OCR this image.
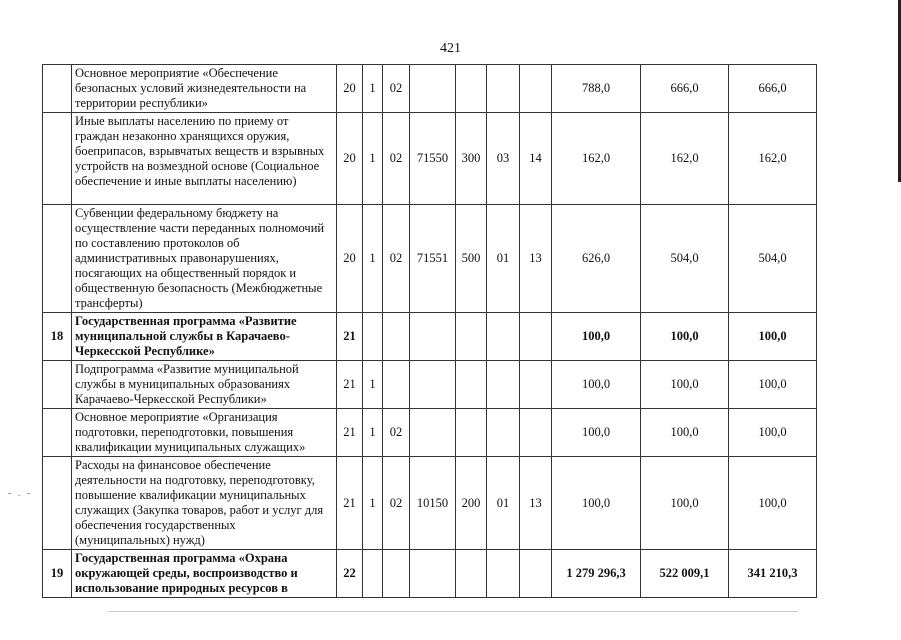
421
- . -
	Основное мероприятие «Обеспечение безопасных условий жизнедеятельности на территории республики»	20	1	02					788,0	666,0	666,0
	Иные выплаты населению по приему от граждан незаконно хранящихся оружия, боеприпасов, взрывчатых веществ и взрывных устройств на возмездной основе (Социальное обеспечение и иные выплаты населению)	20	1	02	71550	300	03	14	162,0	162,0	162,0
	Субвенции федеральному бюджету на осуществление части переданных полномочий по составлению протоколов об административных правонарушениях, посягающих на общественный порядок и общественную безопасность (Межбюджетные трансферты)	20	1	02	71551	500	01	13	626,0	504,0	504,0
18	Государственная программа «Развитие муниципальной службы в Карачаево-Черкесской Республике»	21							100,0	100,0	100,0
	Подпрограмма «Развитие муниципальной службы в муниципальных образованиях Карачаево-Черкесской Республики»	21	1						100,0	100,0	100,0
	Основное мероприятие «Организация подготовки, переподготовки, повышения квалификации муниципальных служащих»	21	1	02					100,0	100,0	100,0
	Расходы на финансовое обеспечение деятельности на подготовку, переподготовку, повышение квалификации муниципальных служащих (Закупка товаров, работ и услуг для обеспечения государственных (муниципальных) нужд)	21	1	02	10150	200	01	13	100,0	100,0	100,0
19	Государственная программа «Охрана окружающей среды, воспроизводство и использование природных ресурсов в	22							1 279 296,3	522 009,1	341 210,3
